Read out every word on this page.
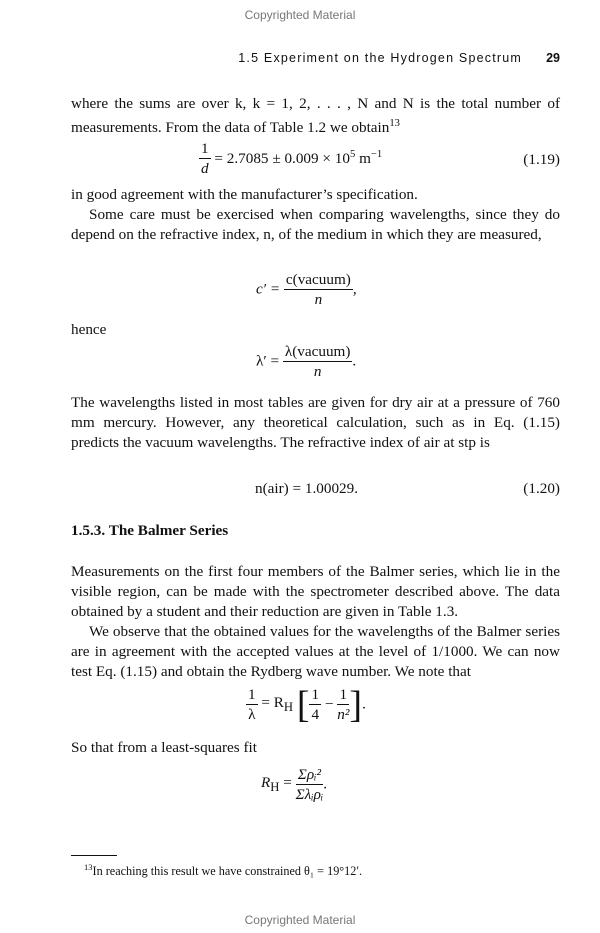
Copyrighted Material
1.5 Experiment on the Hydrogen Spectrum 29
where the sums are over k, k = 1, 2, . . . , N and N is the total number of
measurements. From the data of Table 1.2 we obtain$^{13}$
$\frac{1}{d} = 2.7085 \pm 0.009 \times 10^5$ $m^{-1}$	(1.19)
in good agreement with the manufacturer’s specification.
Some care must be exercised when comparing wavelengths, since they do depend on the refractive index, n, of the medium in which they are measured,
$c' = \frac{\text{c(vacuum)}}{n}$ ,
hence
$\lambda' = \frac{\text{λ(vacuum)}}{n}$ .
The wavelengths listed in most tables are given for dry air at a pressure of 760 mm mercury. However, any theoretical calculation, such as in Eq. (1.15) predicts the vacuum wavelengths. The refractive index of air at stp is
n(air) = 1.00029.	(1.20)
1.5.3. The Balmer Series
Measurements on the first four members of the Balmer series, which lie in the visible region, can be made with the spectrometer described above. The data obtained by a student and their reduction are given in Table 1.3.
We observe that the obtained values for the wavelengths of the Balmer series are in agreement with the accepted values at the level of 1/1000. We can now test Eq. (1.15) and obtain the Rydberg wave number. We note that
$\frac{1}{\lambda} = R_H$ [ $\frac{1}{4} - \frac{1}{\text{n²}}$ ].
So that from a least-squares fit
$R_H = \frac{\text{Σρᵢ²}}{\text{Σλᵢρᵢ}}$ .
$^{13}$In reaching this result we have constrained θ₁ = 19°12′.
Copyrighted Material
